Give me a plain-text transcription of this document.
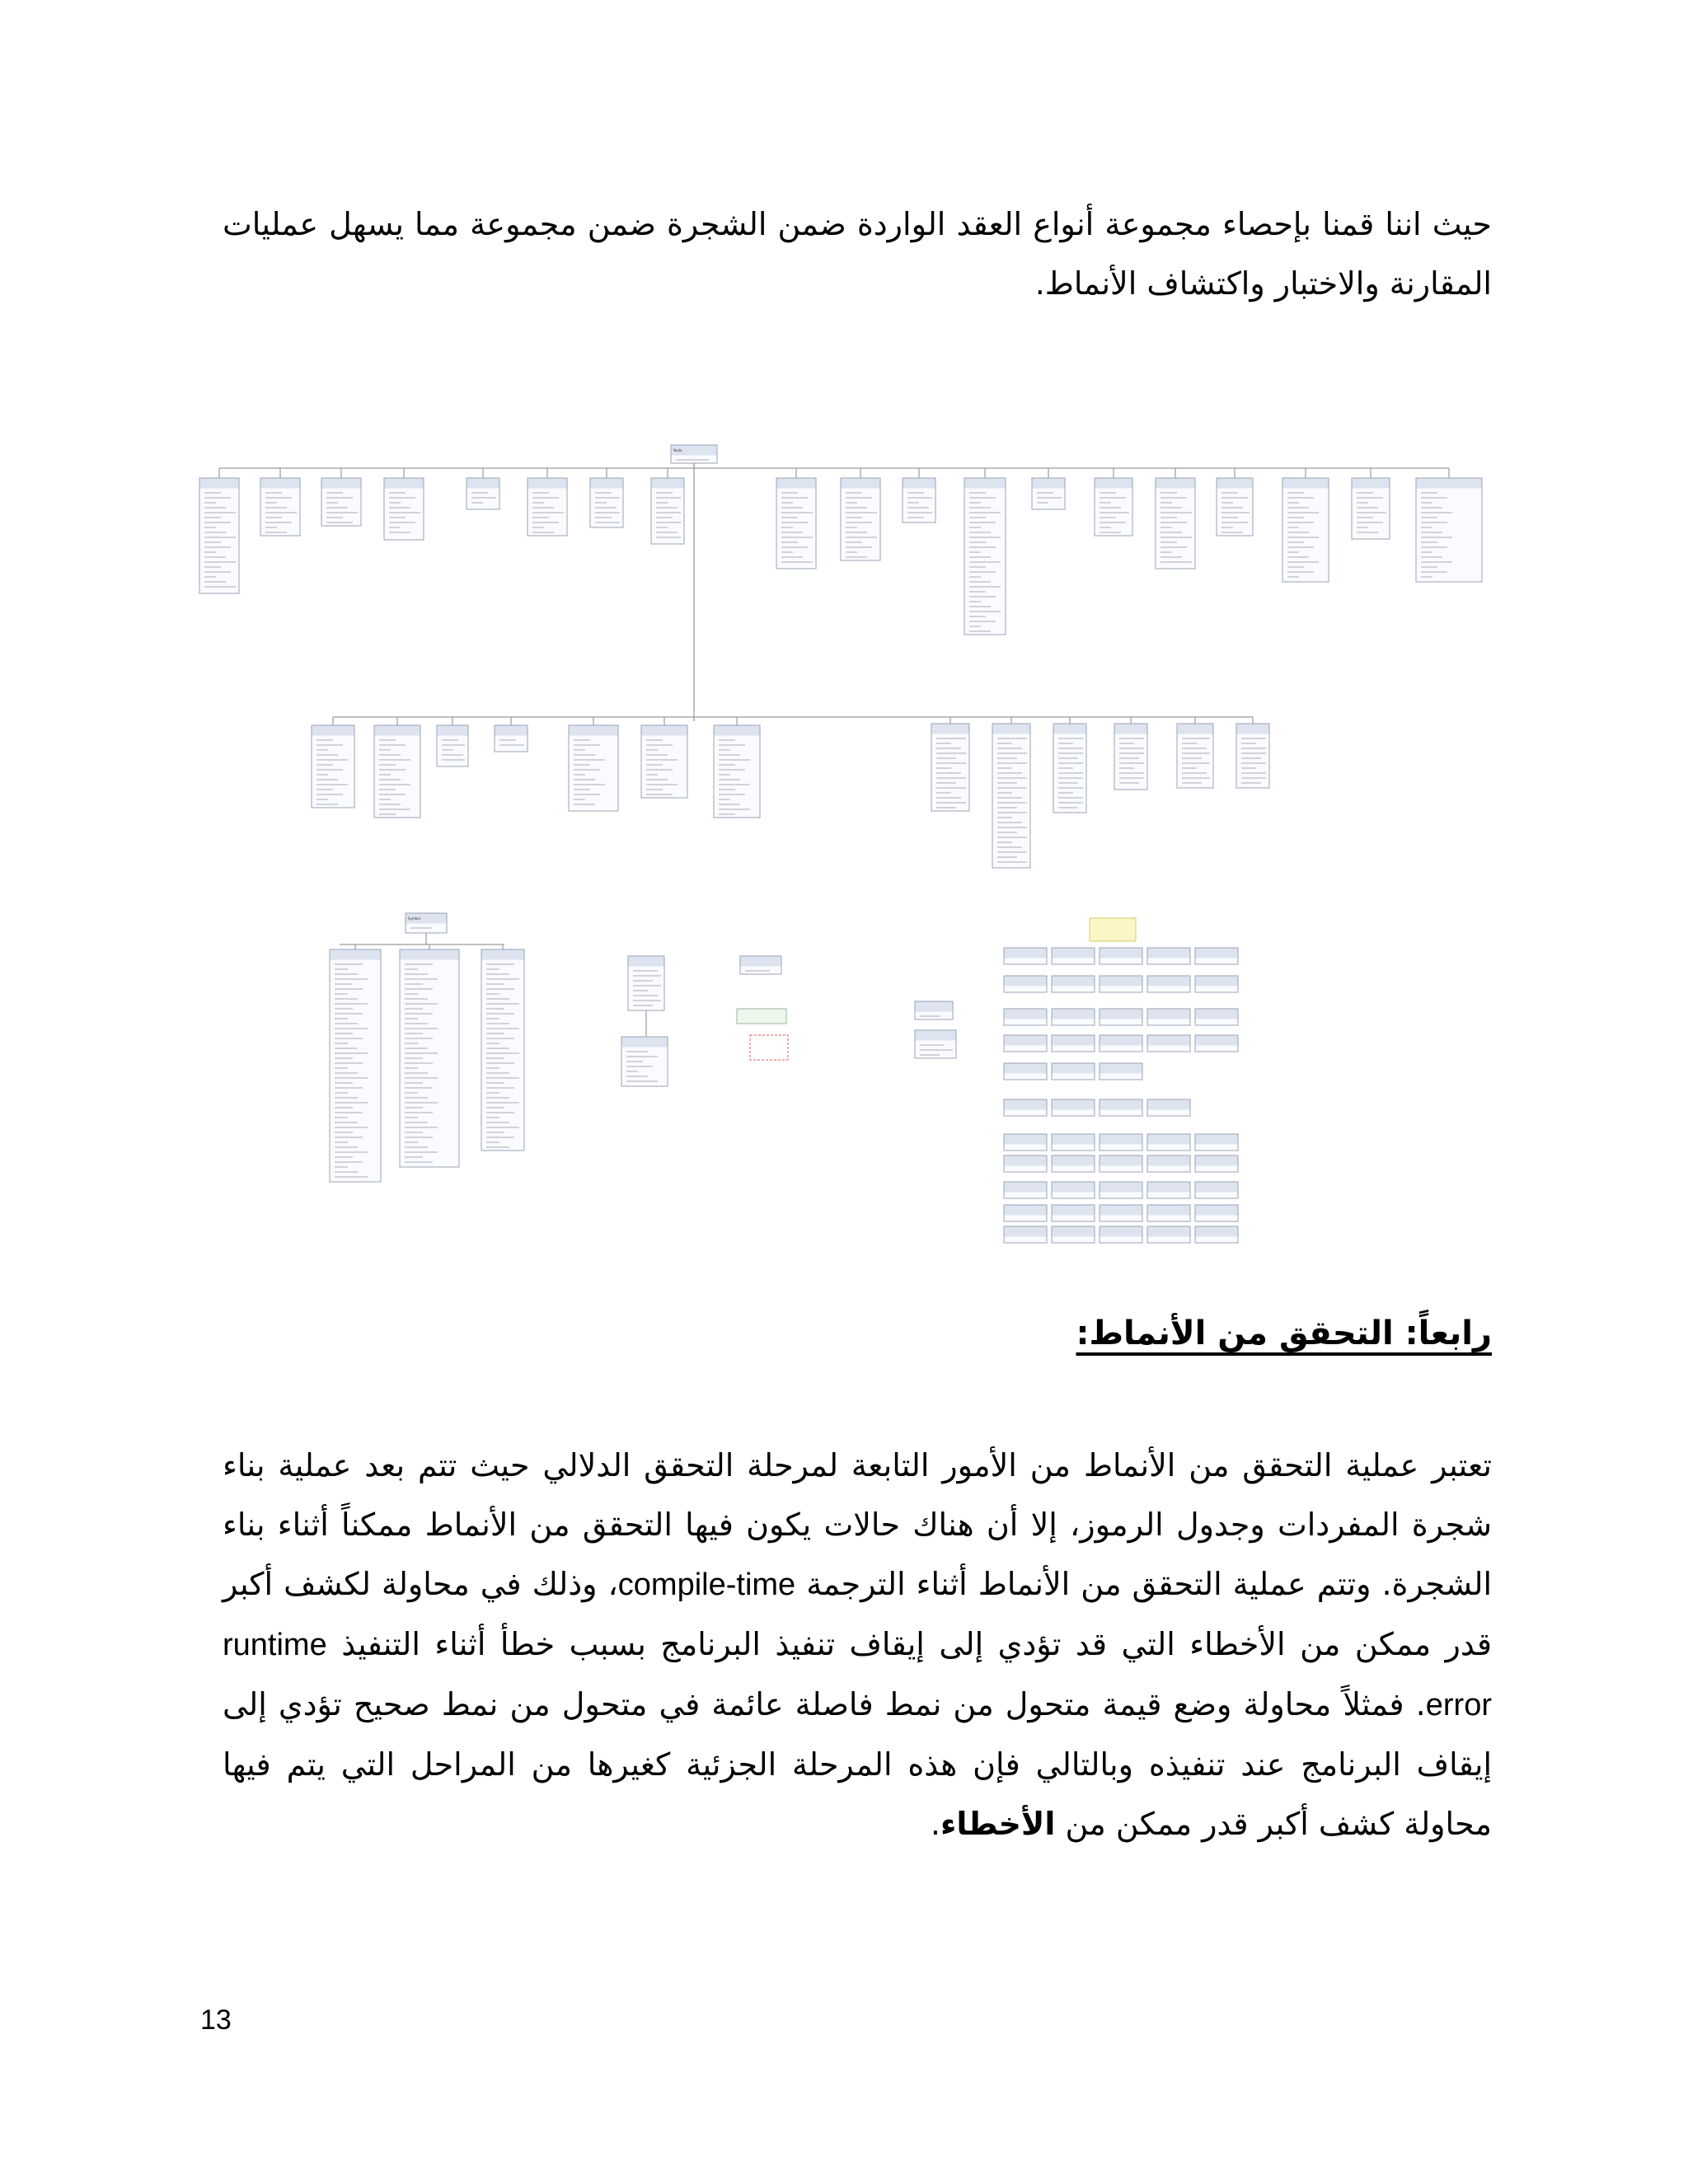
حيث اننا قمنا بإحصاء مجموعة أنواع العقد الواردة ضمن الشجرة ضمن مجموعة مما يسهل عمليات المقارنة والاختبار واكتشاف الأنماط.

Node
Symbol
رابعاً: التحقق من الأنماط:

تعتبر عملية التحقق من الأنماط من الأمور التابعة لمرحلة التحقق الدلالي حيث تتم بعد عملية بناء شجرة المفردات وجدول الرموز، إلا أن هناك حالات يكون فيها التحقق من الأنماط ممكناً أثناء بناء الشجرة. وتتم عملية التحقق من الأنماط أثناء الترجمة compile-time، وذلك في محاولة لكشف أكبر قدر ممكن من الأخطاء التي قد تؤدي إلى إيقاف تنفيذ البرنامج بسبب خطأ أثناء التنفيذ runtime error. فمثلاً محاولة وضع قيمة متحول من نمط فاصلة عائمة في متحول من نمط صحيح تؤدي إلى إيقاف البرنامج عند تنفيذه وبالتالي فإن هذه المرحلة الجزئية كغيرها من المراحل التي يتم فيها محاولة كشف أكبر قدر ممكن من الأخطاء.

13
